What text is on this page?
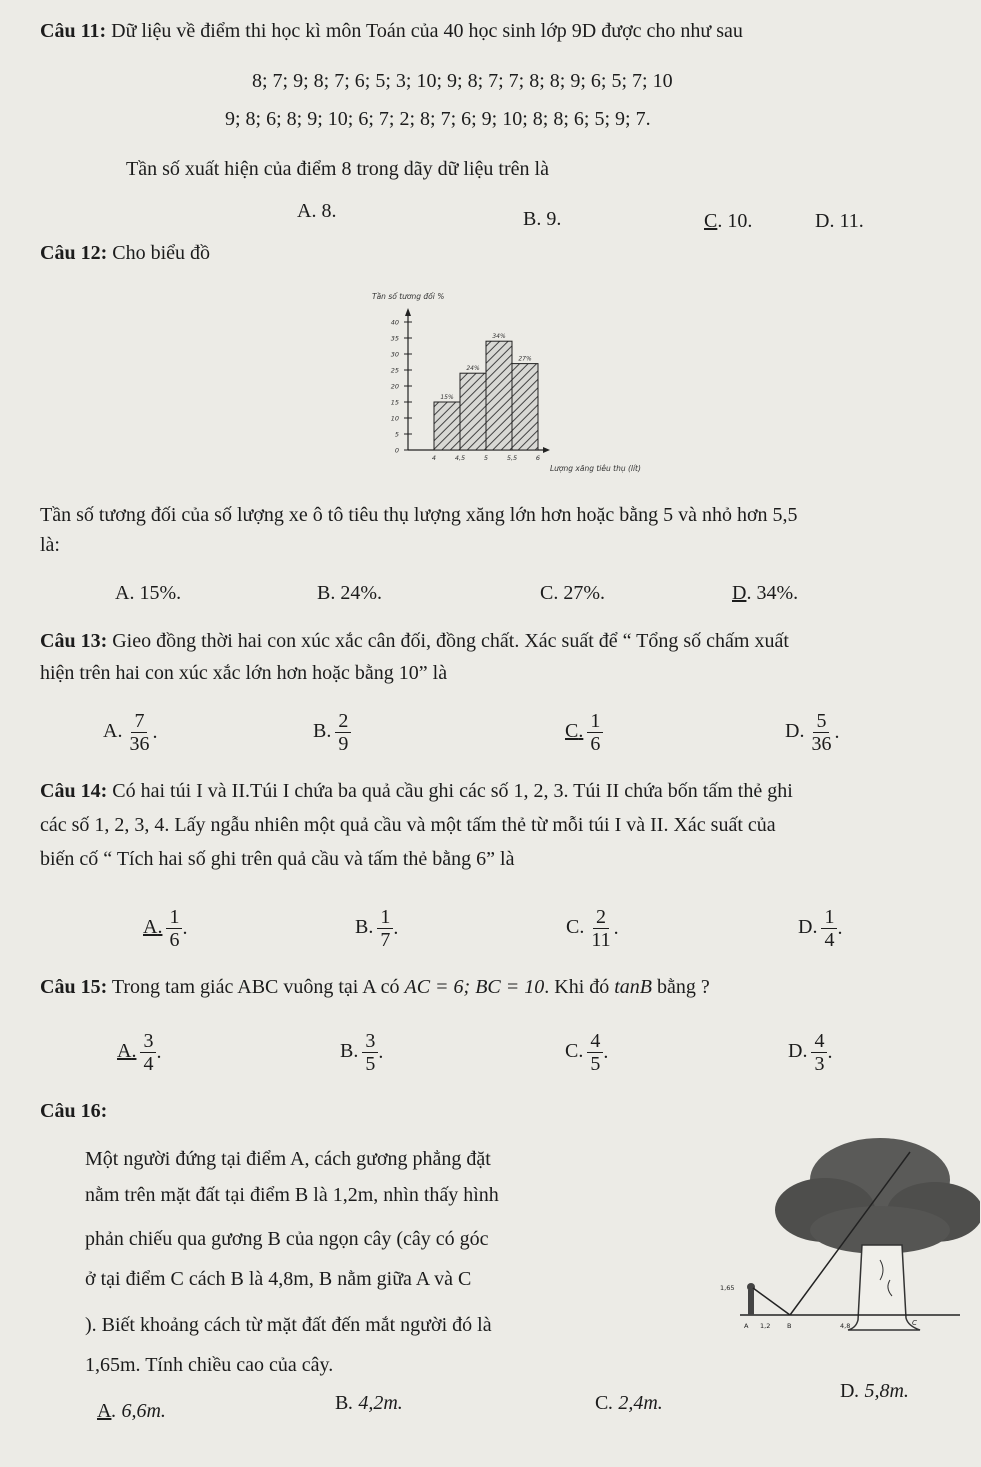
Câu 11: Dữ liệu về điểm thi học kì môn Toán của 40 học sinh lớp 9D được cho như sau
8; 7; 9; 8; 7; 6; 5; 3; 10; 9; 8; 7; 7; 8; 8; 9; 6; 5; 7; 10
9; 8; 6; 8; 9; 10; 6; 7; 2; 8; 7; 6; 9; 10; 8; 8; 6; 5; 9; 7.
Tần số xuất hiện của điểm 8 trong dãy dữ liệu trên là
A. 8.	B. 9.	C. 10.	D. 11.
Câu 12: Cho biểu đồ
Tần số tương đối %
0
5
10
15
20
25
30
35
40
4	4,5	5	5,5	6
15%
24%
34%
27%
Lượng xăng tiêu thụ (lít)
Tần số tương đối của số lượng xe ô tô tiêu thụ lượng xăng lớn hơn hoặc bằng 5 và nhỏ hơn 5,5
là:
A. 15%.	B. 24%.	C. 27%.	D. 34%.
Câu 13: Gieo đồng thời hai con xúc xắc cân đối, đồng chất. Xác suất để “ Tổng số chấm xuất
hiện trên hai con xúc xắc lớn hơn hoặc bằng 10” là
A. $\frac{7}{36}$ .	B. $\frac{2}{9}$	C. $\frac{1}{6}$	D. $\frac{5}{36}$ .
Câu 14: Có hai túi I và II.Túi I chứa ba quả cầu ghi các số 1, 2, 3. Túi II chứa bốn tấm thẻ ghi
các số 1, 2, 3, 4. Lấy ngẫu nhiên một quả cầu và một tấm thẻ từ mỗi túi I và II. Xác suất của
biến cố “ Tích hai số ghi trên quả cầu và tấm thẻ bằng 6” là
A. $\frac{1}{6}$ .	B. $\frac{1}{7}$ .	C. $\frac{2}{11}$ .	D. $\frac{1}{4}$ .
Câu 15: Trong tam giác ABC vuông tại A có AC = 6; BC = 10. Khi đó tanB bằng ?
A. $\frac{3}{4}$ .	B. $\frac{3}{5}$ .	C. $\frac{4}{5}$ .	D. $\frac{4}{3}$ .
Câu 16:
Một người đứng tại điểm A, cách gương phẳng đặt
nằm trên mặt đất tại điểm B là 1,2m, nhìn thấy hình
phản chiếu qua gương B của ngọn cây (cây có góc
ở tại điểm C cách B là 4,8m, B nằm giữa A và C
). Biết khoảng cách từ mặt đất đến mắt người đó là
1,65m. Tính chiều cao của cây.
1,65
A 1,2	B	4,8	C
A. 6,6m.	B. 4,2m.	C. 2,4m.
D. 5,8m.
